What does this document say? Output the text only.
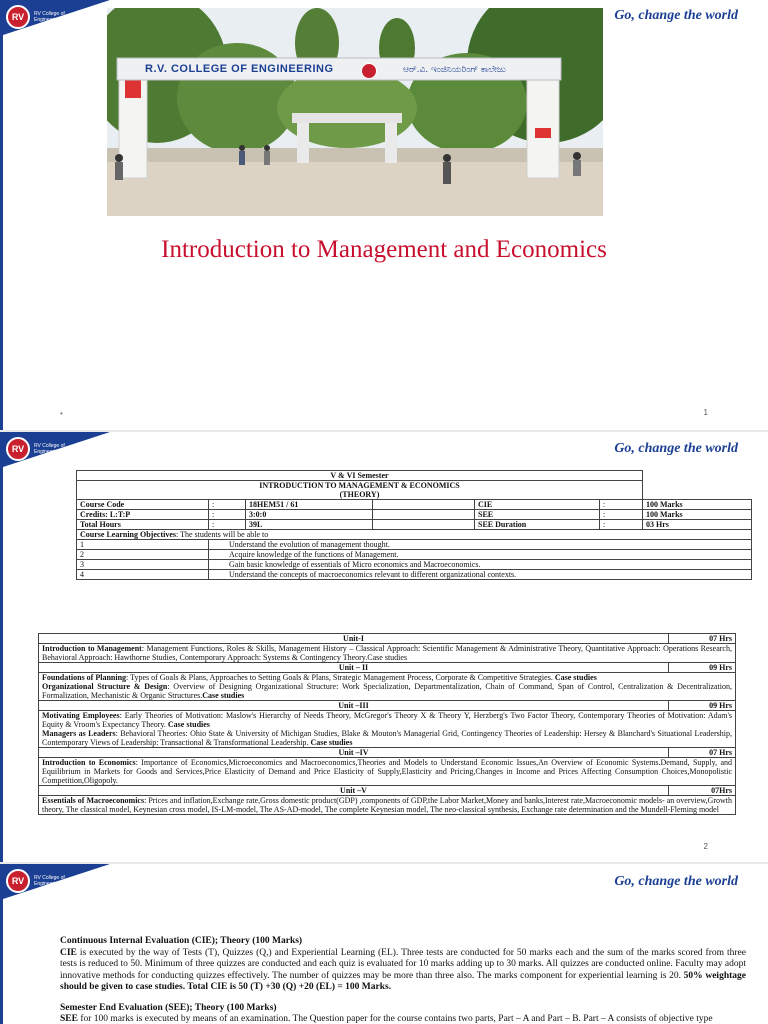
RV	RV College of Engineering ®	Go, change the world
R.V. COLLEGE OF ENGINEERING	ಆರ್.ವಿ. ಇಂಜಿನಿಯರಿಂಗ್ ಕಾಲೇಜು
Introduction to Management and Economics
•	1
RV	RV College of Engineering ®	Go, change the world
V & VI Semester						
INTRODUCTION TO MANAGEMENT & ECONOMICS
(THEORY)						
Course Code	:	18HEM51 / 61		CIE	:	100 Marks
Credits: L:T:P	:	3:0:0		SEE	:	100 Marks
Total Hours	:	39L		SEE Duration	:	03 Hrs
Course Learning Objectives: The students will be able to						
1	Understand the evolution of management thought.					
2	Acquire knowledge of the functions of Management.					
3	Gain basic knowledge of essentials of Micro economics and Macroeconomics.					
4	Understand the concepts of macroeconomics relevant to different organizational contexts.					
Unit-I	07 Hrs

Introduction to Management: Management Functions, Roles & Skills, Management History – Classical Approach: Scientific Management & Administrative Theory, Quantitative Approach: Operations Research, Behavioral Approach: Hawthorne Studies, Contemporary Approach: Systems & Contingency Theory.Case studies	

Unit – II	09 Hrs

Foundations of Planning: Types of Goals & Plans, Approaches to Setting Goals & Plans, Strategic Management Process, Corporate & Competitive Strategies. Case studies
Organizational Structure & Design: Overview of Designing Organizational Structure: Work Specialization, Departmentalization, Chain of Command, Span of Control, Centralization & Decentralization, Formalization, Mechanistic & Organic Structures.Case studies	

Unit –III	09 Hrs

Motivating Employees: Early Theories of Motivation: Maslow's Hierarchy of Needs Theory, McGregor's Theory X & Theory Y, Herzberg's Two Factor Theory, Contemporary Theories of Motivation: Adam's Equity & Vroom's Expectancy Theory. Case studies
Managers as Leaders: Behavioral Theories: Ohio State & University of Michigan Studies, Blake & Mouton's Managerial Grid, Contingency Theories of Leadership: Hersey & Blanchard's Situational Leadership, Contemporary Views of Leadership: Transactional & Transformational Leadership. Case studies	

Unit –IV	07 Hrs

Introduction to Economics: Importance of Economics,Microeconomics and Macroeconomics,Theories and Models to Understand Economic Issues,An Overview of Economic Systems.Demand, Supply, and Equilibrium in Markets for Goods and Services,Price Elasticity of Demand and Price Elasticity of Supply,Elasticity and Pricing,Changes in Income and Prices Affecting Consumption Choices,Monopolistic Competition,Oligopoly.	

Unit –V	07Hrs

Essentials of Macroeconomics: Prices and inflation,Exchange rate,Gross domestic product(GDP) ,components of GDP,the Labor Market,Money and banks,Interest rate,Macroeconomic models- an overview,Growth theory, The classical model, Keynesian cross model, IS-LM-model, The AS-AD-model, The complete Keynesian model, The neo-classical synthesis, Exchange rate determination and the Mundell-Fleming model	
2
RV	RV College of Engineering ®	Go, change the world

Continuous Internal Evaluation (CIE); Theory (100 Marks)
CIE is executed by the way of Tests (T), Quizzes (Q,) and Experiential Learning (EL). Three tests are conducted for 50 marks each and the sum of the marks scored from three tests is reduced to 50. Minimum of three quizzes are conducted and each quiz is evaluated for 10 marks adding up to 30 marks. All quizzes are conducted online. Faculty may adopt innovative methods for conducting quizzes effectively. The number of quizzes may be more than three also. The marks component for experiential learning is 20. 50% weightage should be given to case studies. Total CIE is 50 (T) +30 (Q) +20 (EL) = 100 Marks.

Semester End Evaluation (SEE); Theory (100 Marks)
SEE for 100 marks is executed by means of an examination. The Question paper for the course contains two parts, Part – A and Part – B. Part – A consists of objective type
